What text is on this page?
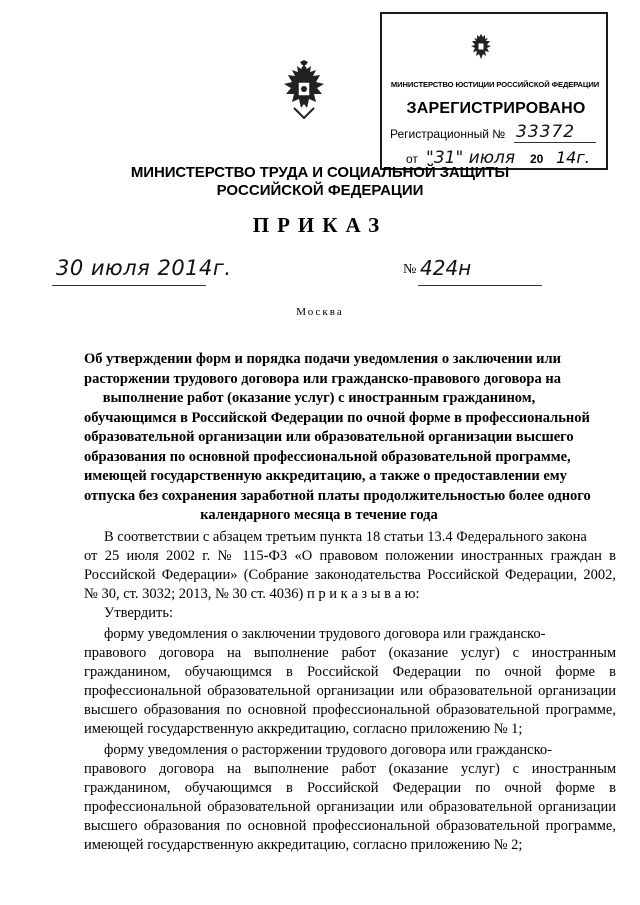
МИНИСТЕРСТВО ЮСТИЦИИ РОССИЙСКОЙ ФЕДЕРАЦИИ
ЗАРЕГИСТРИРОВАНО
Регистрационный № 33372
от "31" июля 20 14г.
МИНИСТЕРСТВО ТРУДА И СОЦИАЛЬНОЙ ЗАЩИТЫ
РОССИЙСКОЙ ФЕДЕРАЦИИ
ПРИКАЗ
30 июля 2014г.	№ 424н
Москва
Об утверждении форм и порядка подачи уведомления о заключении или
расторжении трудового договора или гражданско-правового договора на
выполнение работ (оказание услуг) с иностранным гражданином,
обучающимся в Российской Федерации по очной форме в профессиональной
образовательной организации или образовательной организации высшего
образования по основной профессиональной образовательной программе,
имеющей государственную аккредитацию, а также о предоставлении ему
отпуска без сохранения заработной платы продолжительностью более одного
календарного месяца в течение года
В соответствии с абзацем третьим пункта 18 статьи 13.4 Федерального закона
от 25 июля 2002 г. № 115-ФЗ «О правовом положении иностранных граждан в
Российской Федерации» (Собрание законодательства Российской Федерации, 2002,
№ 30, ст. 3032; 2013, № 30 ст. 4036) п р и к а з ы в а ю:
Утвердить:
форму уведомления о заключении трудового договора или гражданско-
правового договора на выполнение работ (оказание услуг) с иностранным
гражданином, обучающимся в Российской Федерации по очной форме в
профессиональной образовательной организации или образовательной организации
высшего образования по основной профессиональной образовательной программе,
имеющей государственную аккредитацию, согласно приложению № 1;
форму уведомления о расторжении трудового договора или гражданско-
правового договора на выполнение работ (оказание услуг) с иностранным
гражданином, обучающимся в Российской Федерации по очной форме в
профессиональной образовательной организации или образовательной организации
высшего образования по основной профессиональной образовательной программе,
имеющей государственную аккредитацию, согласно приложению № 2;
